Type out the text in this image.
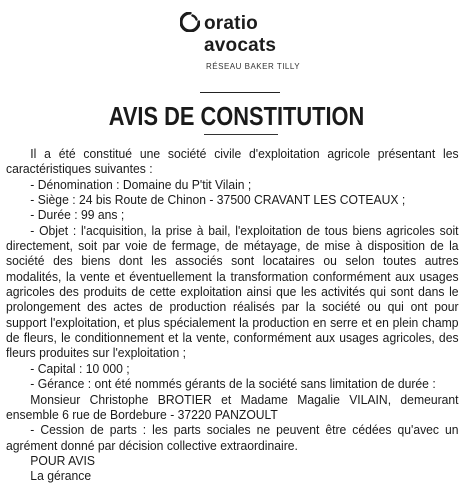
oratio
avocats
RÉSEAU BAKER TILLY
AVIS DE CONSTITUTION

Il a été constitué une société civile d'exploitation agricole présentant les caractéristiques suivantes :

- Dénomination : Domaine du P'tit Vilain ;

- Siège : 24 bis Route de Chinon - 37500 CRAVANT LES COTEAUX ;

- Durée : 99 ans ;

- Objet : l'acquisition, la prise à bail, l'exploitation de tous biens agricoles soit directement, soit par voie de fermage, de métayage, de mise à disposition de la société des biens dont les associés sont locataires ou selon toutes autres modalités, la vente et éventuellement la transformation conformément aux usages agricoles des produits de cette exploitation ainsi que les activités qui sont dans le prolongement des actes de production réalisés par la société ou qui ont pour support l'exploitation, et plus spécialement la production en serre et en plein champ de fleurs, le conditionnement et la vente, conformément aux usages agricoles, des fleurs produites sur l'exploitation ;

- Capital : 10 000 ;

- Gérance : ont été nommés gérants de la société sans limitation de durée :

Monsieur Christophe BROTIER et Madame Magalie VILAIN, demeurant ensemble 6 rue de Bordebure - 37220 PANZOULT

- Cession de parts : les parts sociales ne peuvent être cédées qu'avec un agrément donné par décision collective extraordinaire.

POUR AVIS

La gérance
